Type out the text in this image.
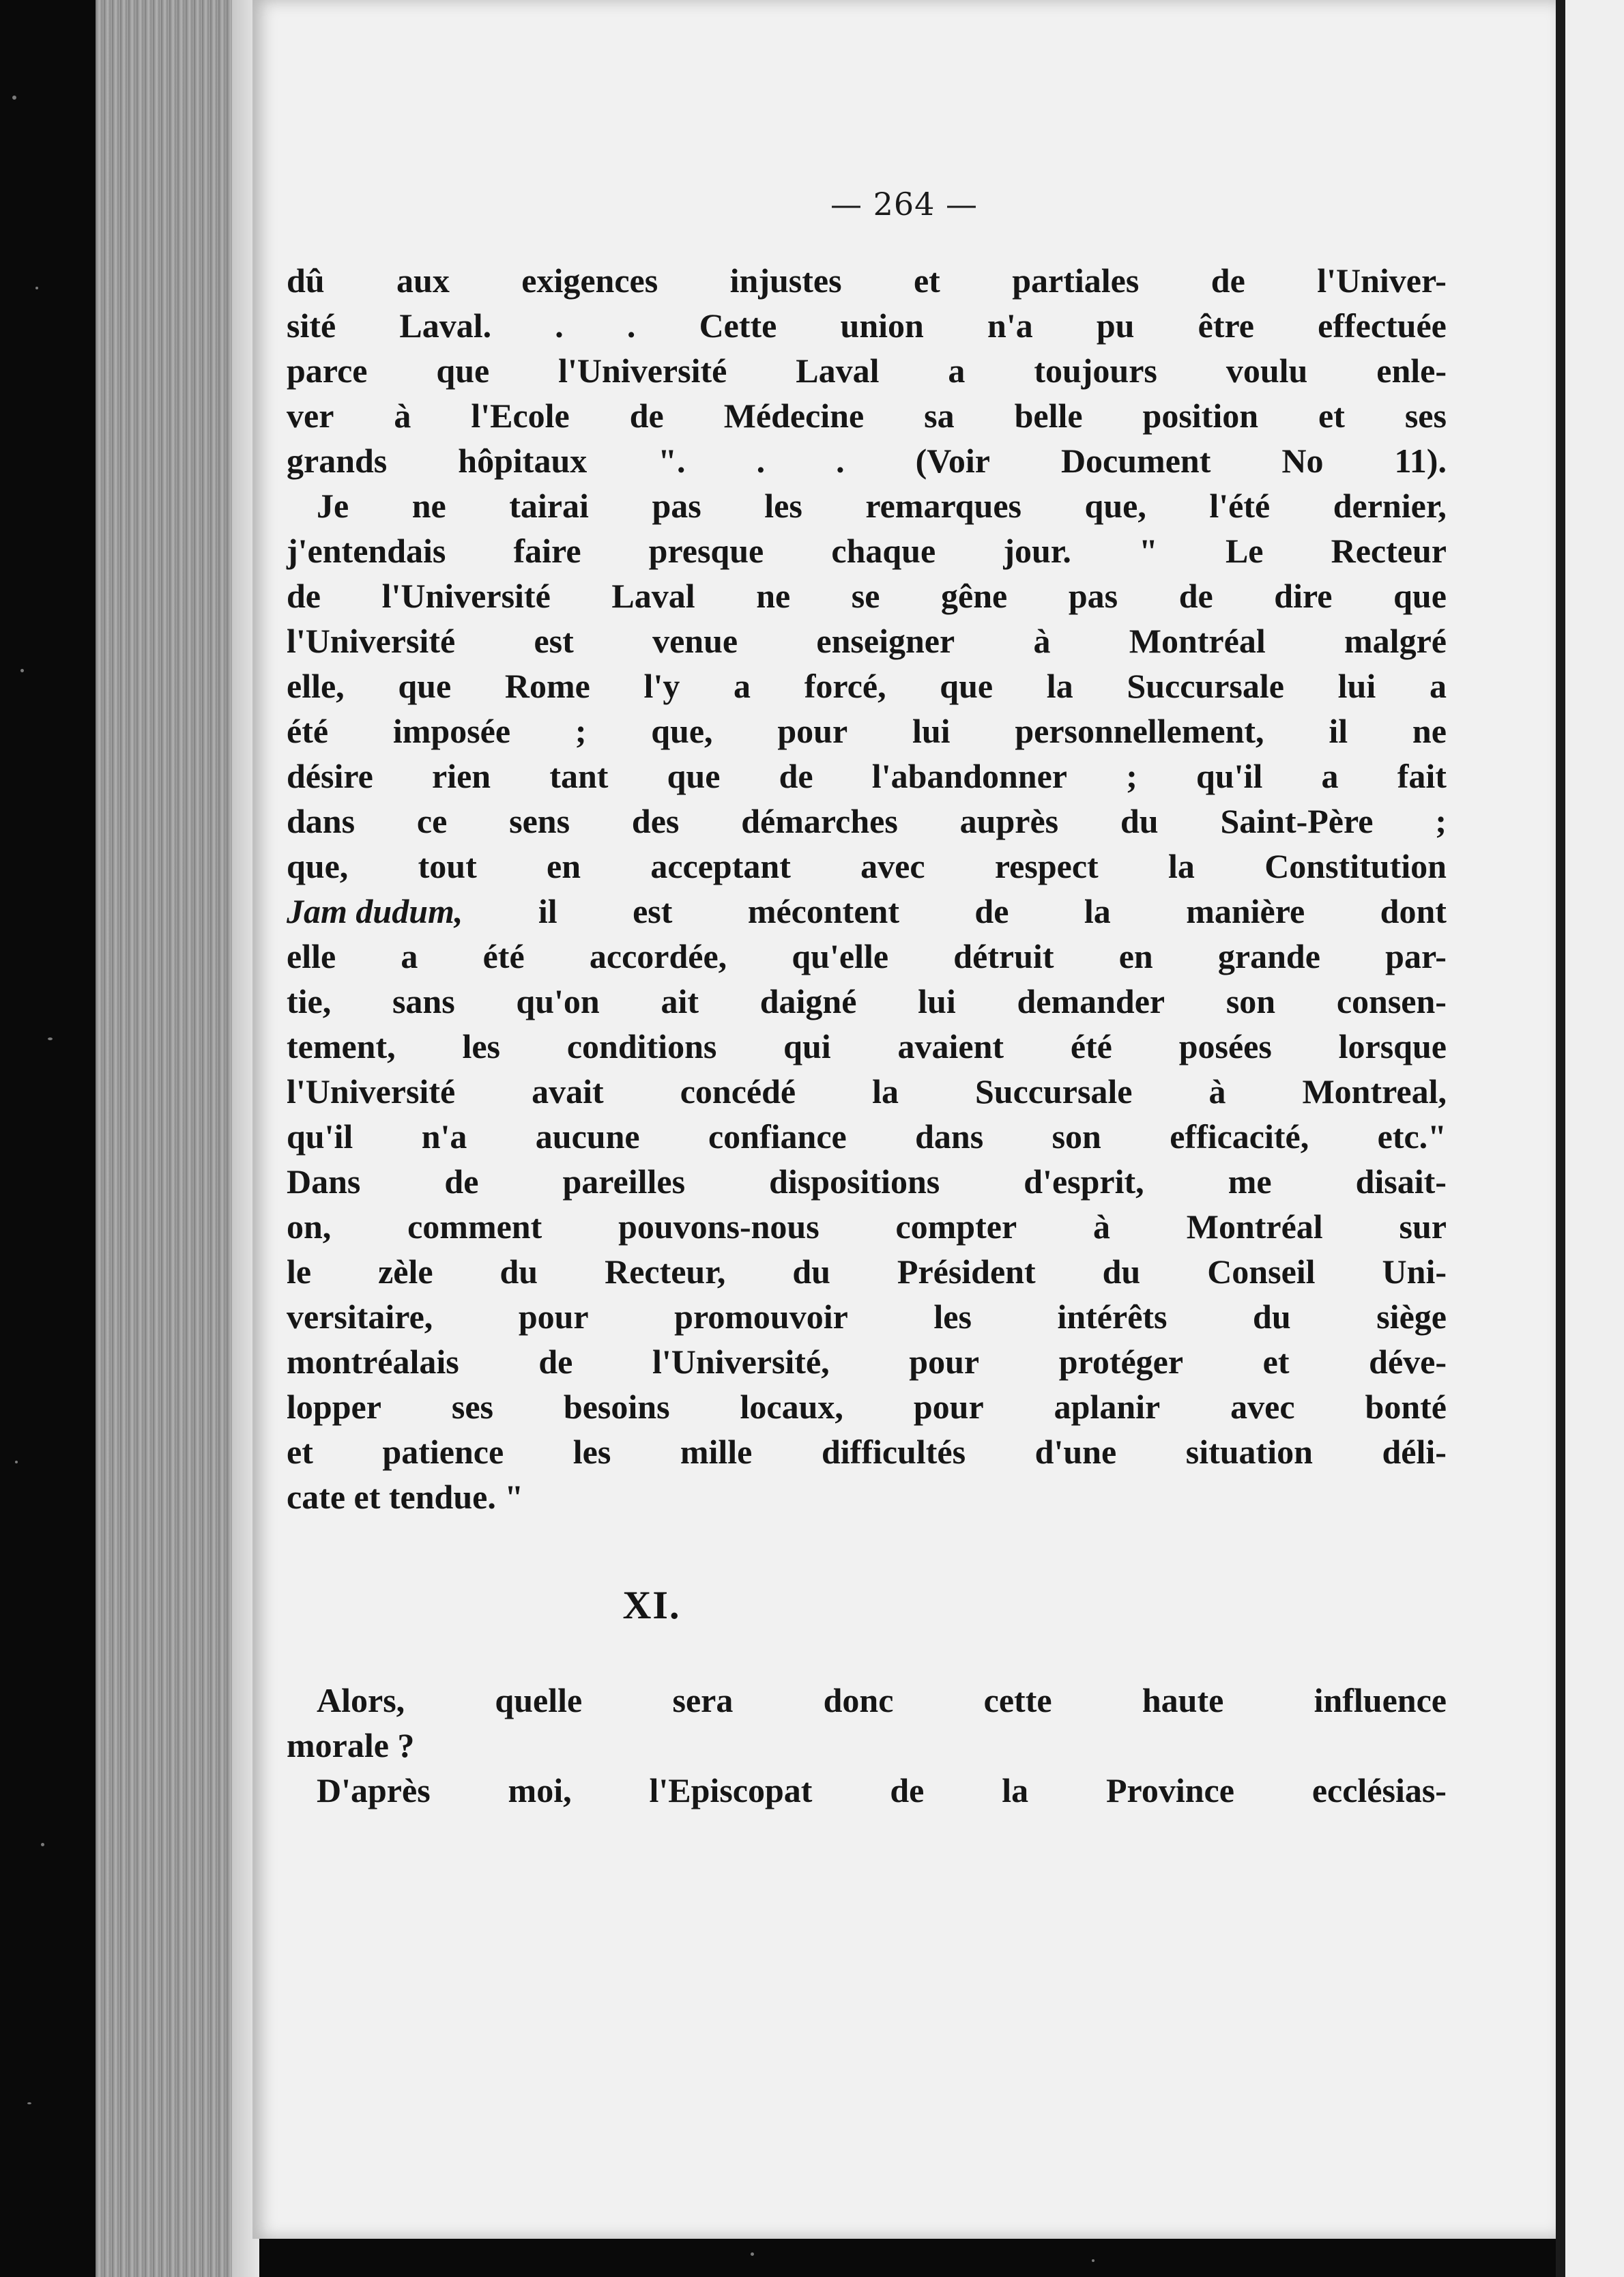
— 264 —
dû aux exigences injustes et partiales de l'Univer-
sité Laval. . . Cette union n'a pu être effectuée
parce que l'Université Laval a toujours voulu enle-
ver à l'Ecole de Médecine sa belle position et ses
grands hôpitaux ". . . (Voir Document No 11).
Je ne tairai pas les remarques que, l'été dernier,
j'entendais faire presque chaque jour. " Le Recteur
de l'Université Laval ne se gêne pas de dire que
l'Université est venue enseigner à Montréal malgré
elle, que Rome l'y a forcé, que la Succursale lui a
été imposée ; que, pour lui personnellement, il ne
désire rien tant que de l'abandonner ; qu'il a fait
dans ce sens des démarches auprès du Saint-Père ;
que, tout en acceptant avec respect la Constitution
Jam dudum, il est mécontent de la manière dont
elle a été accordée, qu'elle détruit en grande par-
tie, sans qu'on ait daigné lui demander son consen-
tement, les conditions qui avaient été posées lorsque
l'Université avait concédé la Succursale à Montreal,
qu'il n'a aucune confiance dans son efficacité, etc."
Dans de pareilles dispositions d'esprit, me disait-
on, comment pouvons-nous compter à Montréal sur
le zèle du Recteur, du Président du Conseil Uni-
versitaire,	pour	promouvoir	les	intérêts	du	siège
montréalais de l'Université, pour protéger et déve-
lopper ses besoins locaux, pour aplanir avec bonté
et patience les mille difficultés d'une situation déli-
cate et tendue. "
Alors,	quelle	sera	donc	cette	haute	influence
morale ?
D'après moi, l'Episcopat de la Province ecclésias-
XI.
